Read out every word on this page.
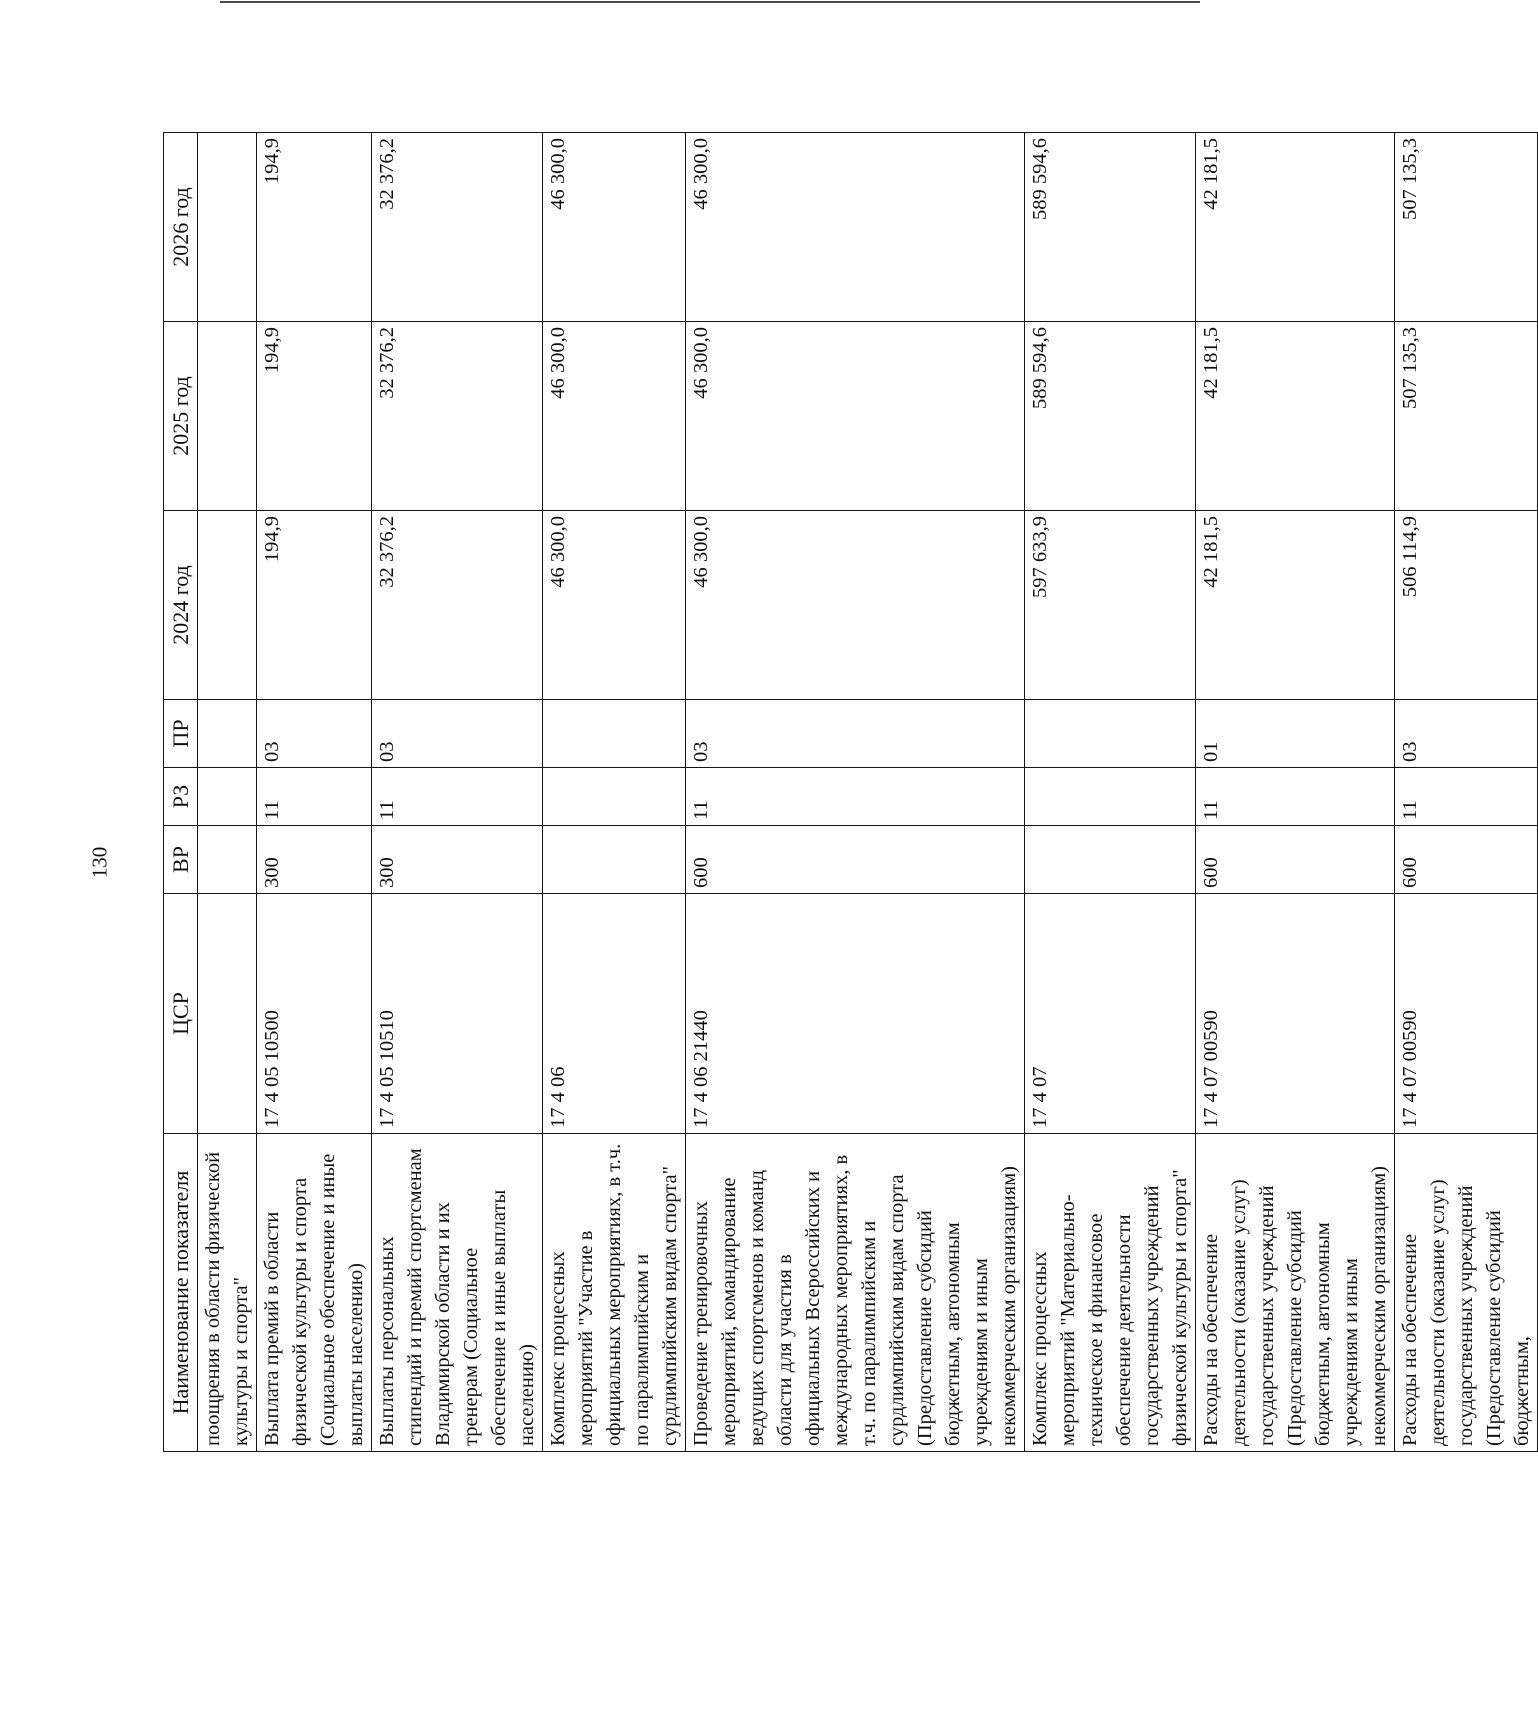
130
Наименование показателя	ЦСР	ВР	РЗ	ПР	2024 год	2025 год	2026 год
поощрения в области физической культуры и спорта"							
Выплата премий в области физической культуры и спорта (Социальное обеспечение и иные выплаты населению)	17 4 05 10500	300	11	03	194,9	194,9	194,9
Выплаты персональных стипендий и премий спортсменам Владимирской области и их тренерам (Социальное обеспечение и иные выплаты населению)	17 4 05 10510	300	11	03	32 376,2	32 376,2	32 376,2
Комплекс процессных мероприятий "Участие в официальных мероприятиях, в т.ч. по паралимпийским и сурдлимпийским видам спорта"	17 4 06				46 300,0	46 300,0	46 300,0
Проведение тренировочных мероприятий, командирование ведущих спортсменов и команд области для участия в официальных Всероссийских и международных мероприятиях, в т.ч. по паралимпийским и сурдлимпийским видам спорта (Предоставление субсидий бюджетным, автономным учреждениям и иным некоммерческим организациям)	17 4 06 21440	600	11	03	46 300,0	46 300,0	46 300,0
Комплекс процессных мероприятий "Материально-техническое и финансовое обеспечение деятельности государственных учреждений физической культуры и спорта"	17 4 07				597 633,9	589 594,6	589 594,6
Расходы на обеспечение деятельности (оказание услуг) государственных учреждений (Предоставление субсидий бюджетным, автономным учреждениям и иным некоммерческим организациям)	17 4 07 00590	600	11	01	42 181,5	42 181,5	42 181,5
Расходы на обеспечение деятельности (оказание услуг) государственных учреждений (Предоставление субсидий бюджетным,	17 4 07 00590	600	11	03	506 114,9	507 135,3	507 135,3
